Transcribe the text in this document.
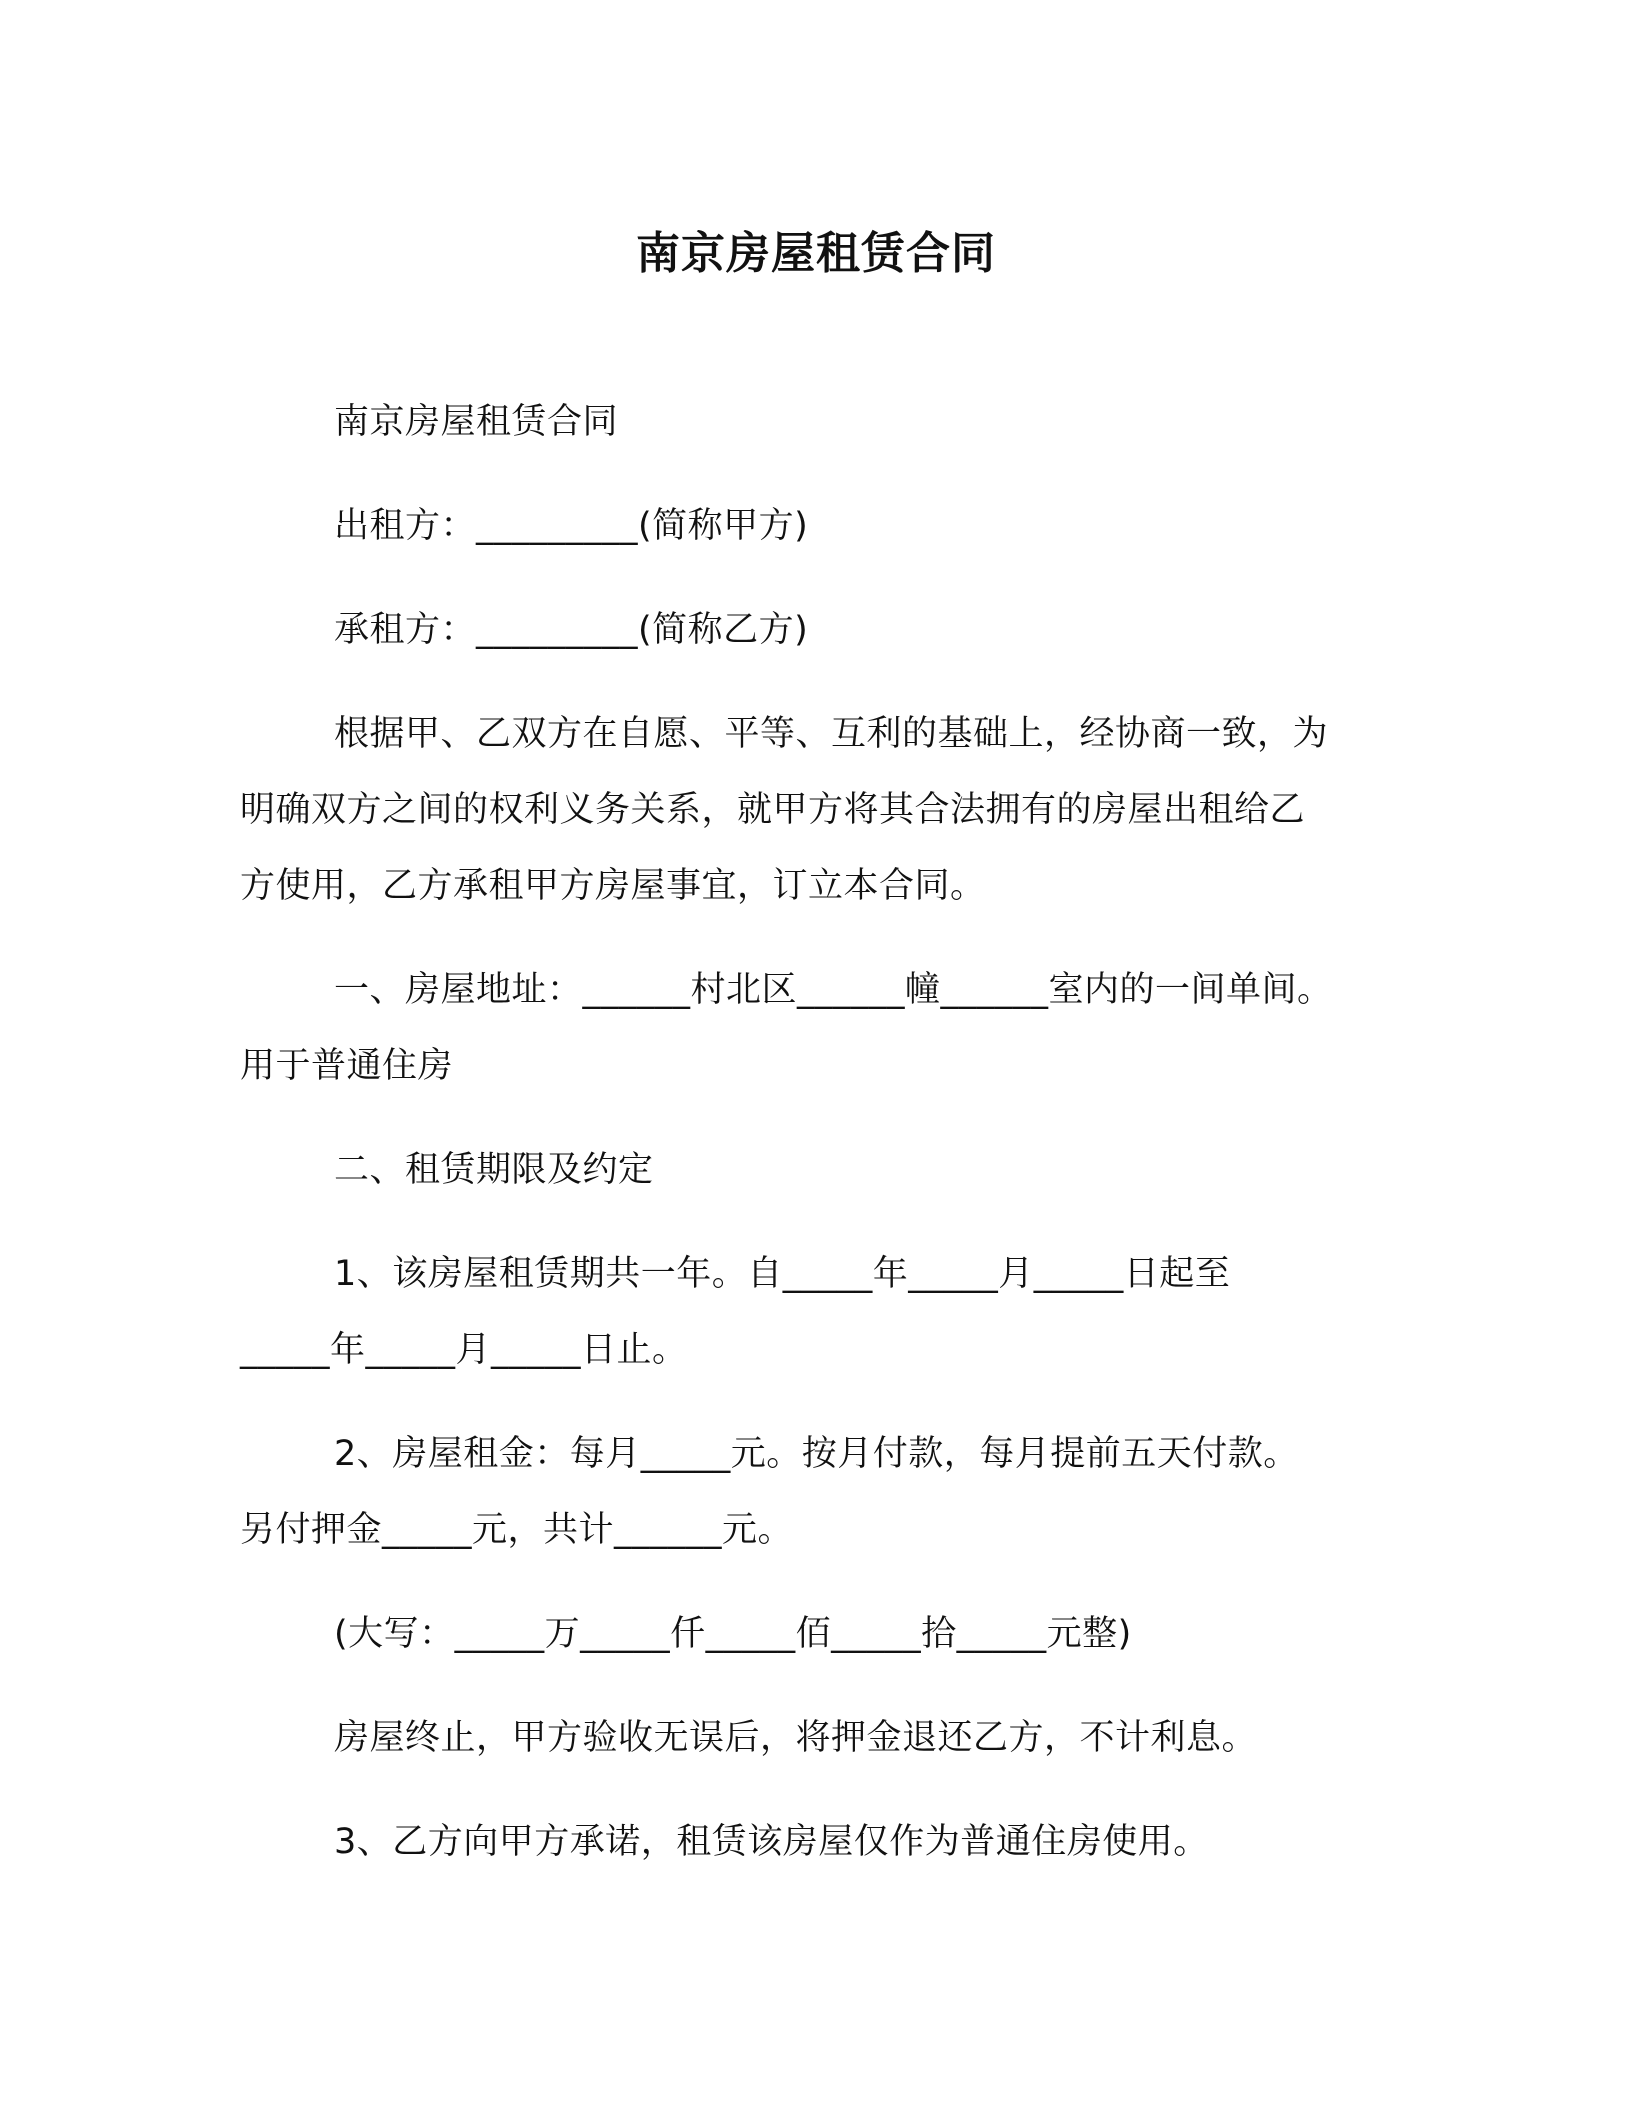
南京房屋租赁合同
南京房屋租赁合同
出租方：_________(简称甲方)
承租方：_________(简称乙方)
根据甲、乙双方在自愿、平等、互利的基础上，经协商一致，为
明确双方之间的权利义务关系，就甲方将其合法拥有的房屋出租给乙
方使用，乙方承租甲方房屋事宜，订立本合同。
一、房屋地址：______村北区______幢______室内的一间单间。
用于普通住房
二、租赁期限及约定
1、该房屋租赁期共一年。自_____年_____月_____日起至
_____年_____月_____日止。
2、房屋租金：每月_____元。按月付款，每月提前五天付款。
另付押金_____元，共计______元。
(大写：_____万_____仟_____佰_____拾_____元整)
房屋终止，甲方验收无误后，将押金退还乙方，不计利息。
3、乙方向甲方承诺，租赁该房屋仅作为普通住房使用。
